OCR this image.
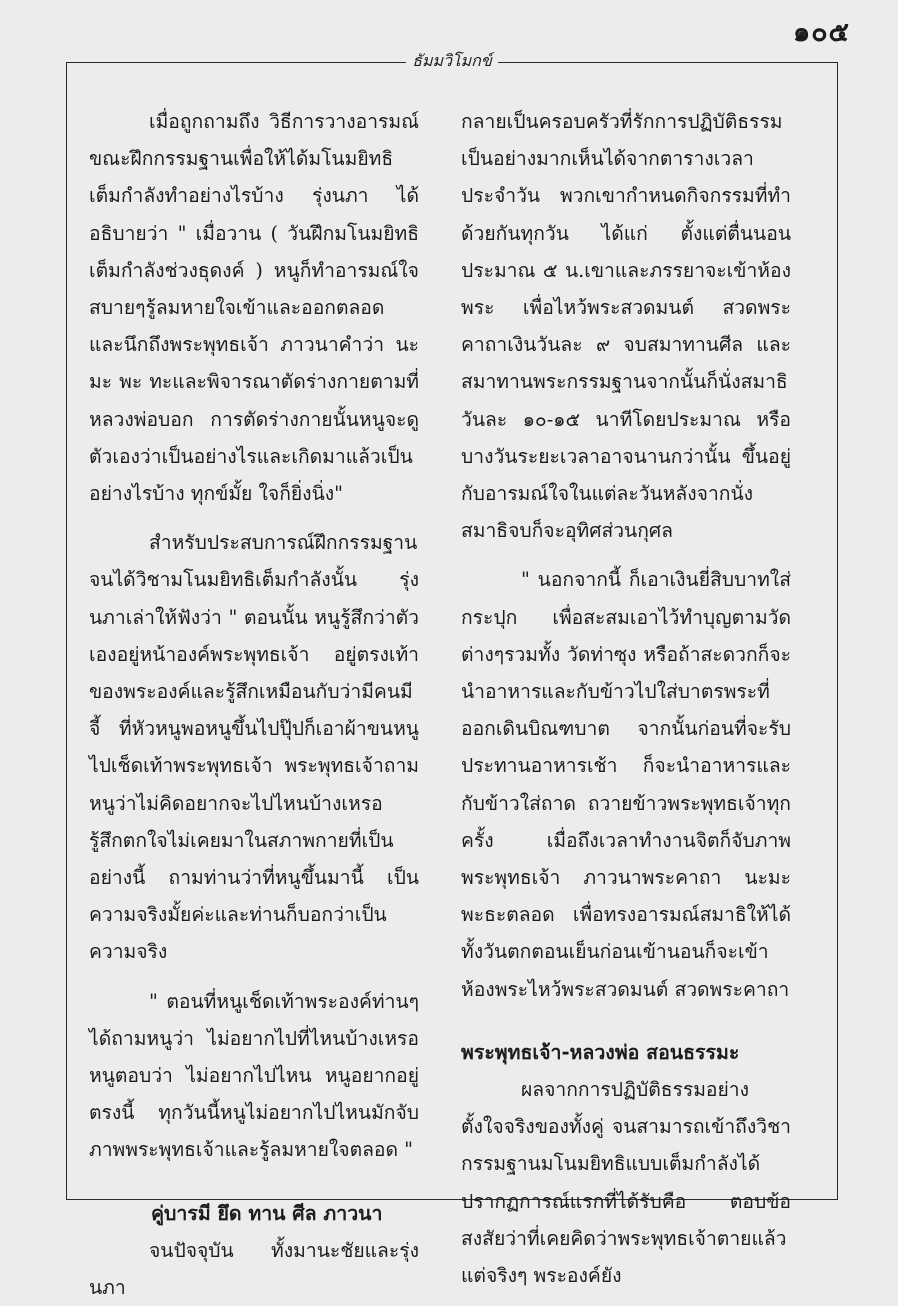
๑๐๕
ธัมมวิโมกข์

เมื่อถูกถามถึง วิธีการวางอารมณ์ขณะฝึกกรรมฐานเพื่อให้ได้มโนมยิทธิเต็มกำลังทำอย่างไรบ้าง รุ่งนภา ได้อธิบายว่า " เมื่อวาน ( วันฝึกมโนมยิทธิเต็มกำลังช่วงธุดงค์ ) หนูก็ทำอารมณ์ใจสบายๆรู้ลมหายใจเข้าและออกตลอด และนึกถึงพระพุทธเจ้า ภาวนาคำว่า นะ มะ พะ ทะและพิจารณาตัดร่างกายตามที่หลวงพ่อบอก การตัดร่างกายนั้นหนูจะดูตัวเองว่าเป็นอย่างไรและเกิดมาแล้วเป็นอย่างไรบ้าง ทุกข์มั้ย ใจก็ยิ่งนิ่ง"

สำหรับประสบการณ์ฝึกกรรมฐานจนได้วิชามโนมยิทธิเต็มกำลังนั้น รุ่งนภาเล่าให้ฟังว่า " ตอนนั้น หนูรู้สึกว่าตัวเองอยู่หน้าองค์พระพุทธเจ้า อยู่ตรงเท้าของพระองค์และรู้สึกเหมือนกับว่ามีคนมีจี้ ที่หัวหนูพอหนูขึ้นไปปุ๊ปก็เอาผ้าขนหนูไปเช็ดเท้าพระพุทธเจ้า พระพุทธเจ้าถามหนูว่าไม่คิดอยากจะไปไหนบ้างเหรอ รู้สึกตกใจไม่เคยมาในสภาพกายที่เป็นอย่างนี้ ถามท่านว่าที่หนูขึ้นมานี้ เป็นความจริงมั้ยค่ะและท่านก็บอกว่าเป็นความจริง

" ตอนที่หนูเช็ดเท้าพระองค์ท่านๆได้ถามหนูว่า ไม่อยากไปที่ไหนบ้างเหรอหนูตอบว่า ไม่อยากไปไหน หนูอยากอยู่ตรงนี้ ทุกวันนี้หนูไม่อยากไปไหนมักจับภาพพระพุทธเจ้าและรู้ลมหายใจตลอด "

คู่บารมี ยึด ทาน ศีล ภาวนา

จนปัจจุบัน ทั้งมานะชัยและรุ่งนภา

กลายเป็นครอบครัวที่รักการปฏิบัติธรรมเป็นอย่างมากเห็นได้จากตารางเวลาประจำวัน พวกเขากำหนดกิจกรรมที่ทำด้วยกันทุกวัน ได้แก่ ตั้งแต่ตื่นนอนประมาณ ๕ น.เขาและภรรยาจะเข้าห้องพระ เพื่อไหว้พระสวดมนต์ สวดพระคาถาเงินวันละ ๙ จบสมาทานศีล และสมาทานพระกรรมฐานจากนั้นก็นั่งสมาธิวันละ ๑๐-๑๕ นาทีโดยประมาณ หรือบางวันระยะเวลาอาจนานกว่านั้น ขึ้นอยู่กับอารมณ์ใจในแต่ละวันหลังจากนั่งสมาธิจบก็จะอุทิศส่วนกุศล

" นอกจากนี้ ก็เอาเงินยี่สิบบาทใส่กระปุก เพื่อสะสมเอาไว้ทำบุญตามวัดต่างๆรวมทั้ง วัดท่าซุง หรือถ้าสะดวกก็จะนำอาหารและกับข้าวไปใส่บาตรพระที่ออกเดินบิณฑบาต จากนั้นก่อนที่จะรับประทานอาหารเช้า ก็จะนำอาหารและกับข้าวใส่ถาด ถวายข้าวพระพุทธเจ้าทุกครั้ง เมื่อถึงเวลาทำงานจิตก็จับภาพพระพุทธเจ้า ภาวนาพระคาถา นะมะพะธะตลอด เพื่อทรงอารมณ์สมาธิให้ได้ทั้งวันตกตอนเย็นก่อนเข้านอนก็จะเข้าห้องพระไหว้พระสวดมนต์ สวดพระคาถา

พระพุทธเจ้า-หลวงพ่อ สอนธรรมะ

ผลจากการปฏิบัติธรรมอย่างตั้งใจจริงของทั้งคู่ จนสามารถเข้าถึงวิชากรรมฐานมโนมยิทธิแบบเต็มกำลังได้ ปรากฏการณ์แรกที่ได้รับคือ ตอบข้อสงสัยว่าที่เคยคิดว่าพระพุทธเจ้าตายแล้ว แต่จริงๆ พระองค์ยัง
